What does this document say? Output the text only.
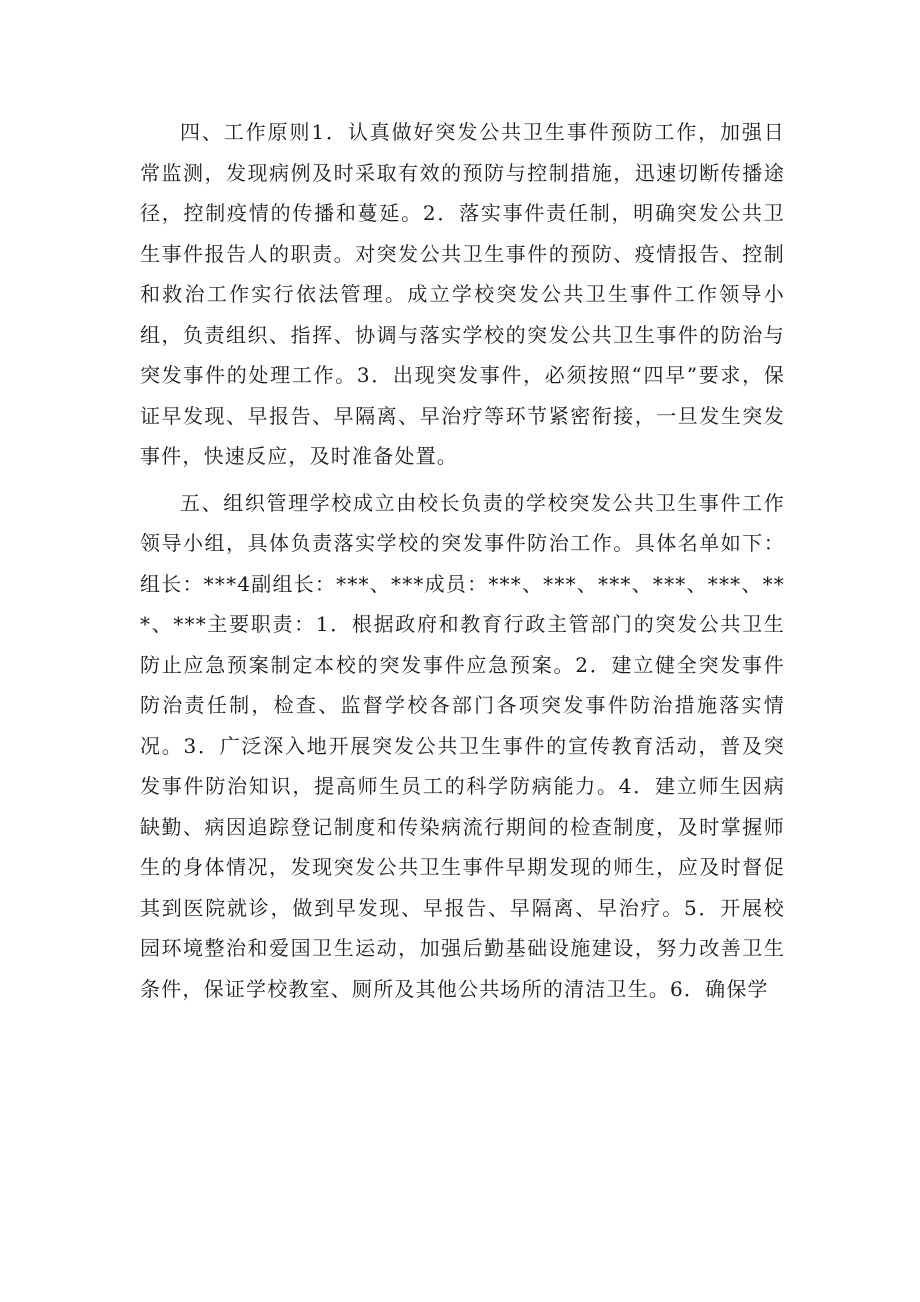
四、工作原则1．认真做好突发公共卫生事件预防工作，加强日常监测，发现病例及时采取有效的预防与控制措施，迅速切断传播途径，控制疫情的传播和蔓延。2．落实事件责任制，明确突发公共卫生事件报告人的职责。对突发公共卫生事件的预防、疫情报告、控制和救治工作实行依法管理。成立学校突发公共卫生事件工作领导小组，负责组织、指挥、协调与落实学校的突发公共卫生事件的防治与突发事件的处理工作。3．出现突发事件，必须按照“四早”要求，保证早发现、早报告、早隔离、早治疗等环节紧密衔接，一旦发生突发事件，快速反应，及时准备处置。

五、组织管理学校成立由校长负责的学校突发公共卫生事件工作领导小组，具体负责落实学校的突发事件防治工作。具体名单如下：组长：***4副组长：***、***成员：***、***、***、***、***、***、***主要职责：1．根据政府和教育行政主管部门的突发公共卫生防止应急预案制定本校的突发事件应急预案。2．建立健全突发事件防治责任制，检查、监督学校各部门各项突发事件防治措施落实情况。3．广泛深入地开展突发公共卫生事件的宣传教育活动，普及突发事件防治知识，提高师生员工的科学防病能力。4．建立师生因病缺勤、病因追踪登记制度和传染病流行期间的检查制度，及时掌握师生的身体情况，发现突发公共卫生事件早期发现的师生，应及时督促其到医院就诊，做到早发现、早报告、早隔离、早治疗。5．开展校园环境整治和爱国卫生运动，加强后勤基础设施建设，努力改善卫生条件，保证学校教室、厕所及其他公共场所的清洁卫生。6．确保学
